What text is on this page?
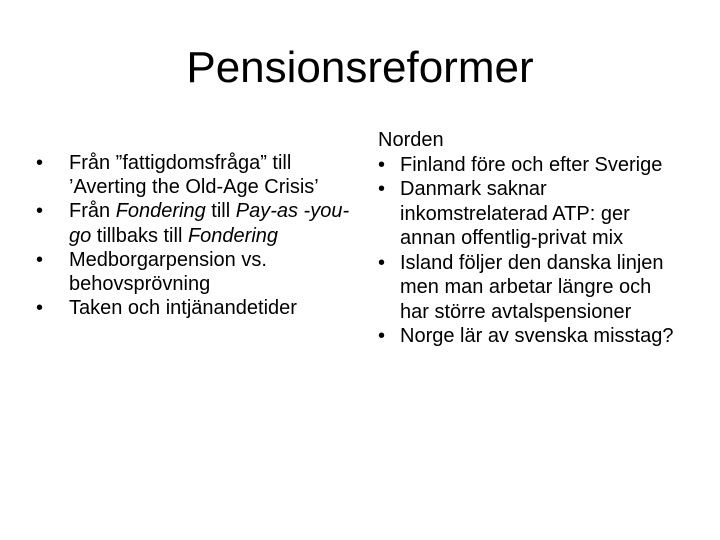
Pensionsreformer
•	Från ”fattigdomsfråga” till ’Averting the Old-Age Crisis’
•	Från Fondering till Pay-as -you-go tillbaks till Fondering
•	Medborgarpension vs. behovsprövning
•	Taken och intjänandetider
Norden
• Finland före och efter Sverige
• Danmark saknar inkomstrelaterad ATP: ger annan offentlig-privat mix
• Island följer den danska linjen men man arbetar längre och har större avtalspensioner
• Norge lär av svenska misstag?
